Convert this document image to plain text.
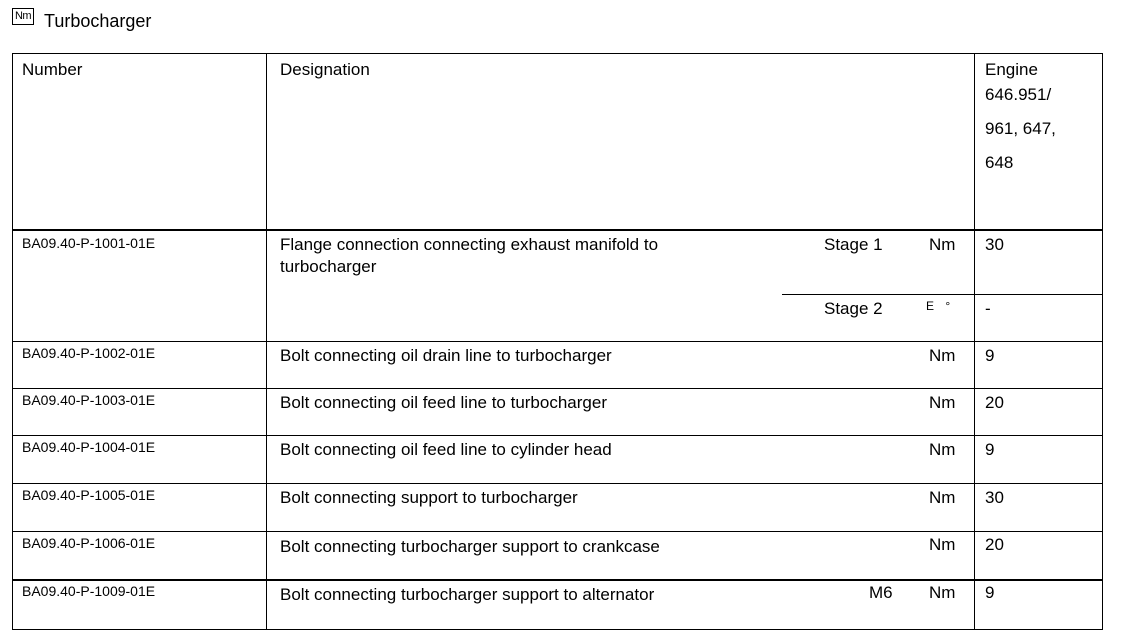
Nm Turbocharger
Number	Designation	Engine
646.951/
961, 647,
648
BA09.40-P-1001-01E	Flange connection connecting exhaust manifold to
turbocharger
Stage 1	Nm 30
Stage 2	E ° -
BA09.40-P-1002-01E	Bolt connecting oil drain line to turbocharger	Nm 9
BA09.40-P-1003-01E	Bolt connecting oil feed line to turbocharger	Nm 20
BA09.40-P-1004-01E	Bolt connecting oil feed line to cylinder head	Nm 9
BA09.40-P-1005-01E	Bolt connecting support to turbocharger	Nm 30
BA09.40-P-1006-01E	Bolt connecting turbocharger support to crankcase	Nm 20
BA09.40-P-1009-01E	Bolt connecting turbocharger support to alternator	M6 Nm 9
